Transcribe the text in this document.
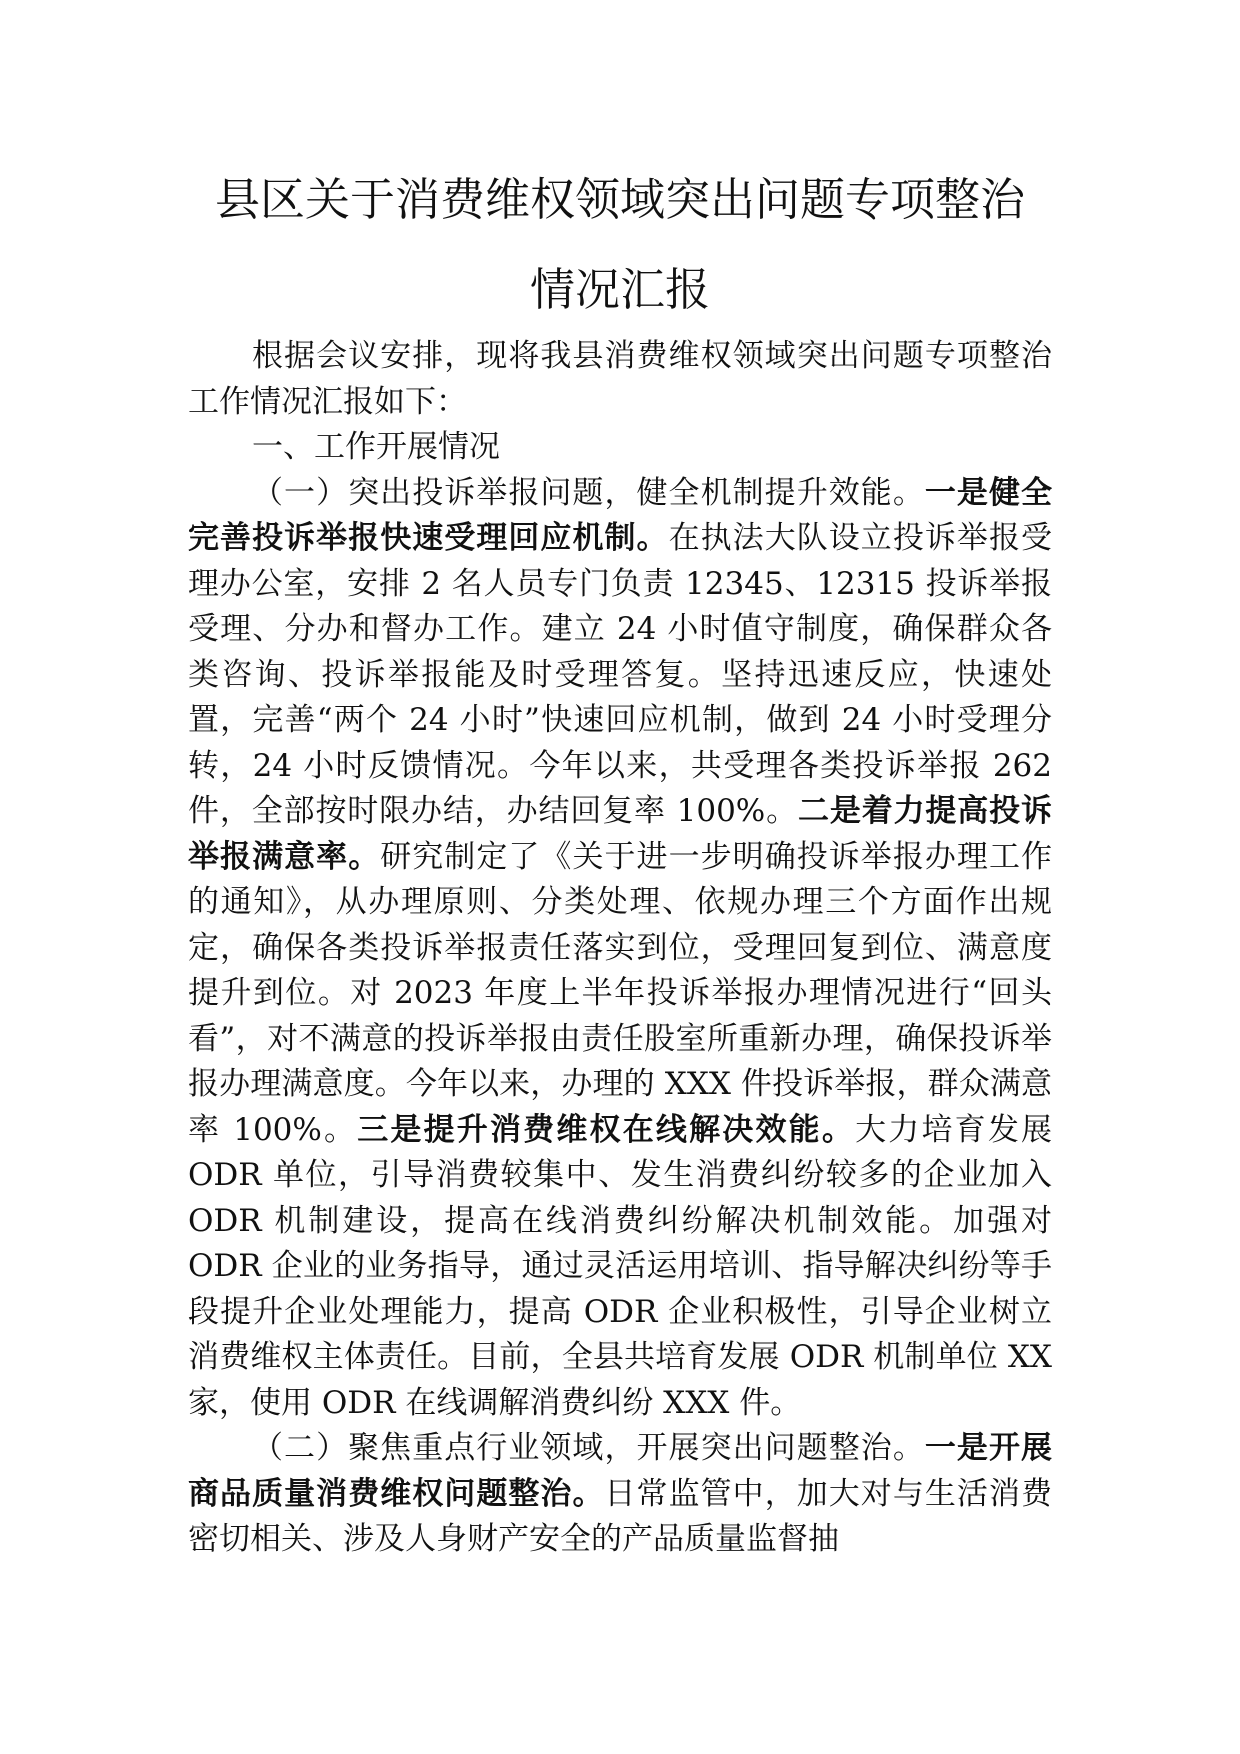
县区关于消费维权领域突出问题专项整治
情况汇报

根据会议安排，现将我县消费维权领域突出问题专项整治工作情况汇报如下：

一、工作开展情况

（一）突出投诉举报问题，健全机制提升效能。一是健全完善投诉举报快速受理回应机制。在执法大队设立投诉举报受理办公室，安排 2 名人员专门负责 12345、12315 投诉举报受理、分办和督办工作。建立 24 小时值守制度，确保群众各类咨询、投诉举报能及时受理答复。坚持迅速反应，快速处置，完善“两个 24 小时”快速回应机制，做到 24 小时受理分转，24 小时反馈情况。今年以来，共受理各类投诉举报 262 件，全部按时限办结，办结回复率 100%。二是着力提高投诉举报满意率。研究制定了《关于进一步明确投诉举报办理工作的通知》，从办理原则、分类处理、依规办理三个方面作出规定，确保各类投诉举报责任落实到位，受理回复到位、满意度提升到位。对 2023 年度上半年投诉举报办理情况进行“回头看”，对不满意的投诉举报由责任股室所重新办理，确保投诉举报办理满意度。今年以来，办理的 XXX 件投诉举报，群众满意率 100%。三是提升消费维权在线解决效能。大力培育发展 ODR 单位，引导消费较集中、发生消费纠纷较多的企业加入 ODR 机制建设，提高在线消费纠纷解决机制效能。加强对 ODR 企业的业务指导，通过灵活运用培训、指导解决纠纷等手段提升企业处理能力，提高 ODR 企业积极性，引导企业树立消费维权主体责任。目前，全县共培育发展 ODR 机制单位 XX 家，使用 ODR 在线调解消费纠纷 XXX 件。

（二）聚焦重点行业领域，开展突出问题整治。一是开展商品质量消费维权问题整治。日常监管中，加大对与生活消费密切相关、涉及人身财产安全的产品质量监督抽
